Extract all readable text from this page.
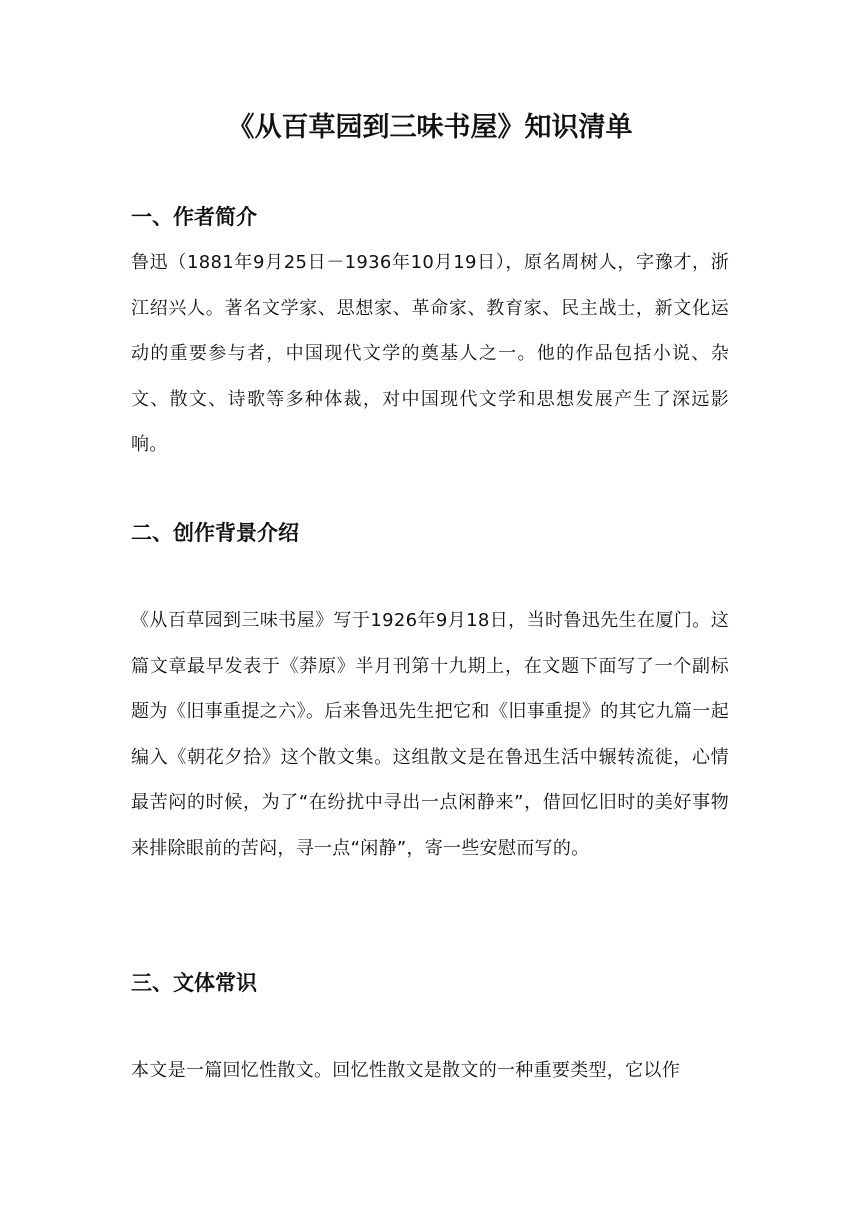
《从百草园到三味书屋》知识清单
一、作者简介

鲁迅（1881年9月25日－1936年10月19日），原名周树人，字豫才，浙江绍兴人。著名文学家、思想家、革命家、教育家、民主战士，新文化运动的重要参与者，中国现代文学的奠基人之一。他的作品包括小说、杂文、散文、诗歌等多种体裁，对中国现代文学和思想发展产生了深远影响。

二、创作背景介绍

《从百草园到三味书屋》写于1926年9月18日，当时鲁迅先生在厦门。这篇文章最早发表于《莽原》半月刊第十九期上，在文题下面写了一个副标题为《旧事重提之六》。后来鲁迅先生把它和《旧事重提》的其它九篇一起编入《朝花夕拾》这个散文集。这组散文是在鲁迅生活中辗转流徙，心情最苦闷的时候，为了“在纷扰中寻出一点闲静来”，借回忆旧时的美好事物来排除眼前的苦闷，寻一点“闲静”，寄一些安慰而写的。

三、文体常识

本文是一篇回忆性散文。回忆性散文是散文的一种重要类型，它以作
